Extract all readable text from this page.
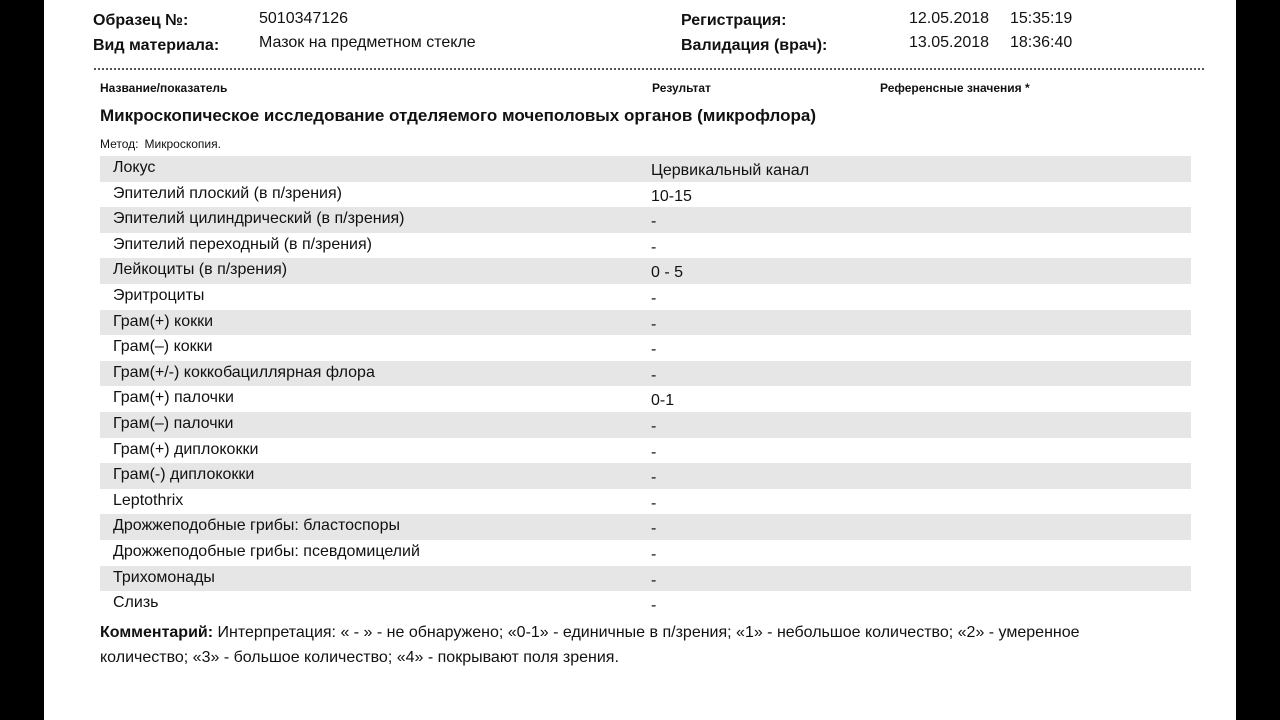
Образец №:	5010347126
Вид материала: Мазок на предметном стекле
Регистрация:	12.05.2018 15:35:19
Валидация (врач):	13.05.2018 18:36:40
Название/показатель	Результат	Референсные значения *
Микроскопическое исследование отделяемого мочеполовых органов (микрофлора)
Метод: Микроскопия.
Локус	Цервикальный канал
Эпителий плоский (в п/зрения)	10-15
Эпителий цилиндрический (в п/зрения)	-
Эпителий переходный (в п/зрения)	-
Лейкоциты (в п/зрения)	0 - 5
Эритроциты	-
Грам(+) кокки	-
Грам(–) кокки	-
Грам(+/-) коккобациллярная флора	-
Грам(+) палочки	0-1
Грам(–) палочки	-
Грам(+) диплококки	-
Грам(-) диплококки	-
Leptothrix	-
Дрожжеподобные грибы: бластоспоры	-
Дрожжеподобные грибы: псевдомицелий	-
Трихомонады	-
Слизь	-
Комментарий: Интерпретация: « - » - не обнаружено; «0-1» - единичные в п/зрения; «1» - небольшое количество; «2» - умеренное количество; «3» - большое количество; «4» - покрывают поля зрения.
